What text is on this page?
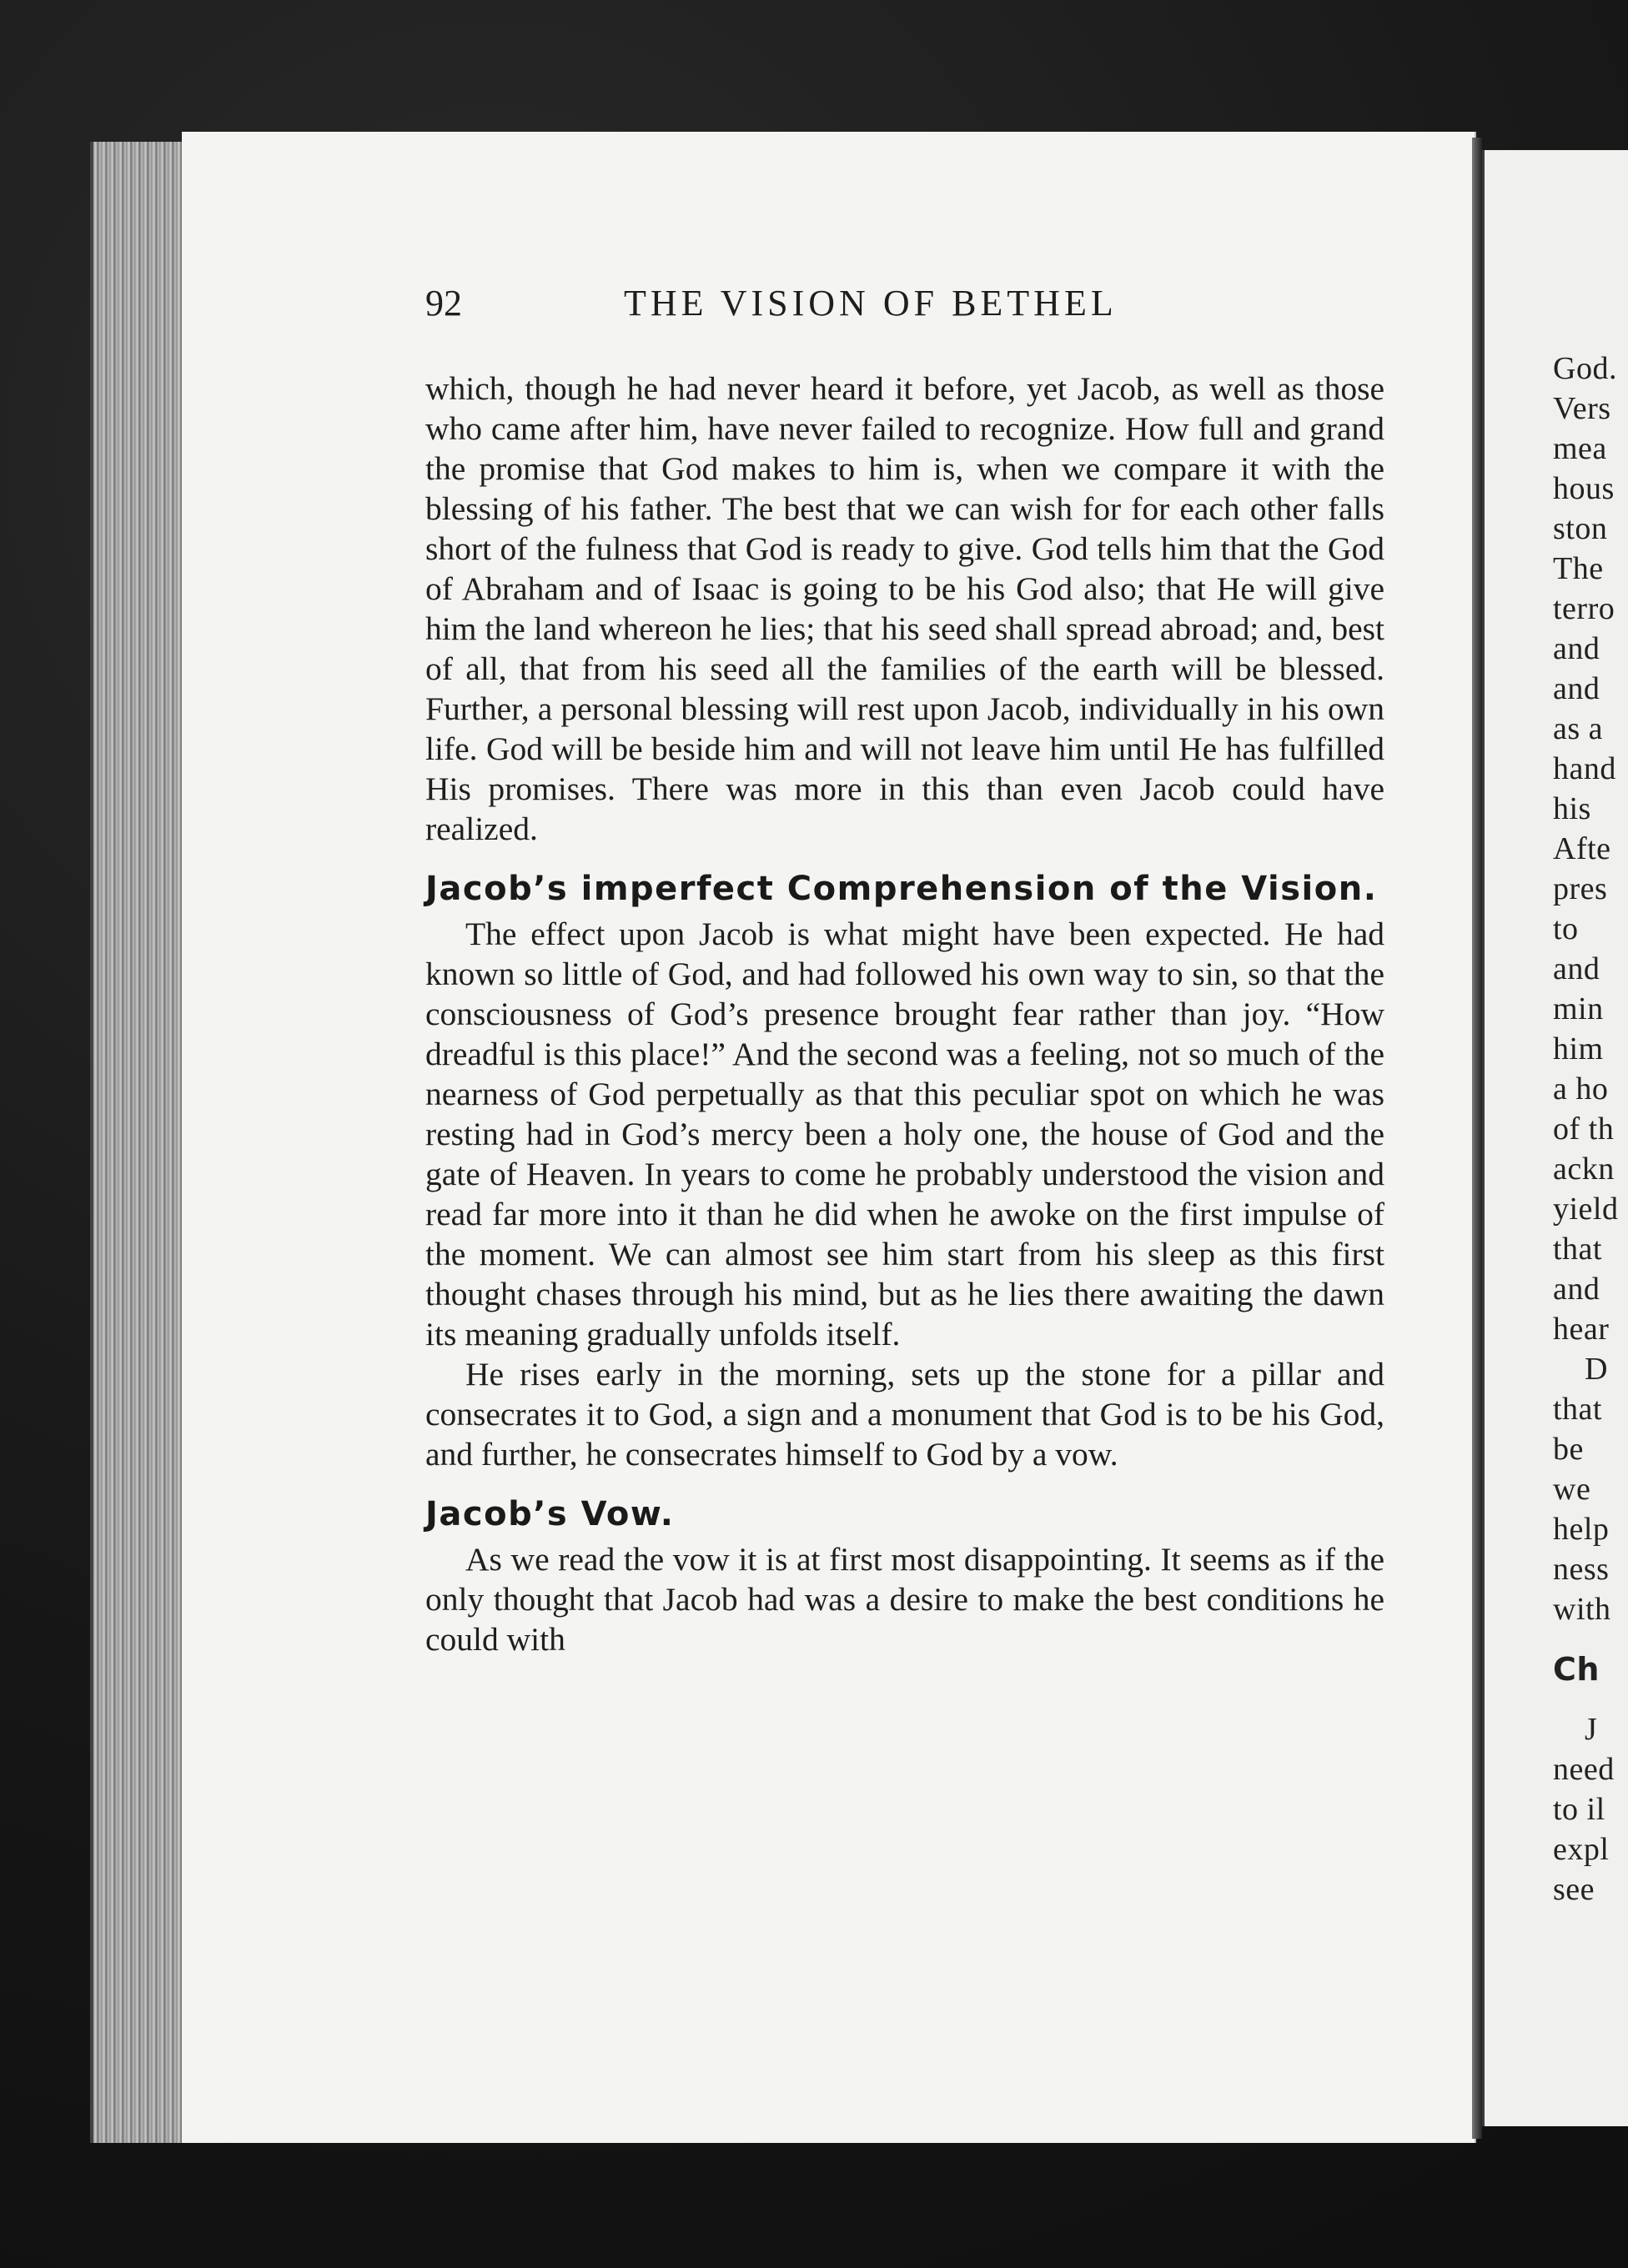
92	THE VISION OF BETHEL

which, though he had never heard it before, yet Jacob, as well as those who came after him, have never failed to recognize. How full and grand the promise that God makes to him is, when we compare it with the blessing of his father. The best that we can wish for for each other falls short of the fulness that God is ready to give. God tells him that the God of Abraham and of Isaac is going to be his God also; that He will give him the land whereon he lies; that his seed shall spread abroad; and, best of all, that from his seed all the families of the earth will be blessed. Further, a personal blessing will rest upon Jacob, individually in his own life. God will be beside him and will not leave him until He has fulfilled His promises. There was more in this than even Jacob could have realized.

Jacob’s imperfect Comprehension of the Vision.

The effect upon Jacob is what might have been expected. He had known so little of God, and had followed his own way to sin, so that the consciousness of God’s presence brought fear rather than joy. “How dreadful is this place!” And the second was a feeling, not so much of the nearness of God perpetually as that this peculiar spot on which he was resting had in God’s mercy been a holy one, the house of God and the gate of Heaven. In years to come he probably understood the vision and read far more into it than he did when he awoke on the first impulse of the moment. We can almost see him start from his sleep as this first thought chases through his mind, but as he lies there awaiting the dawn its meaning gradually unfolds itself.

He rises early in the morning, sets up the stone for a pillar and consecrates it to God, a sign and a monument that God is to be his God, and further, he consecrates himself to God by a vow.

Jacob’s Vow.

As we read the vow it is at first most disappointing. It seems as if the only thought that Jacob had was a desire to make the best conditions he could with

God.
Vers
mea
hous
ston
The
terro
and
and
as a
hand
his
Afte
pres
to
and
min
him
a ho
of th
ackn
yield
that
and
hear
D
that
be
we
help
ness
with
Ch
J
need
to il
expl
see
